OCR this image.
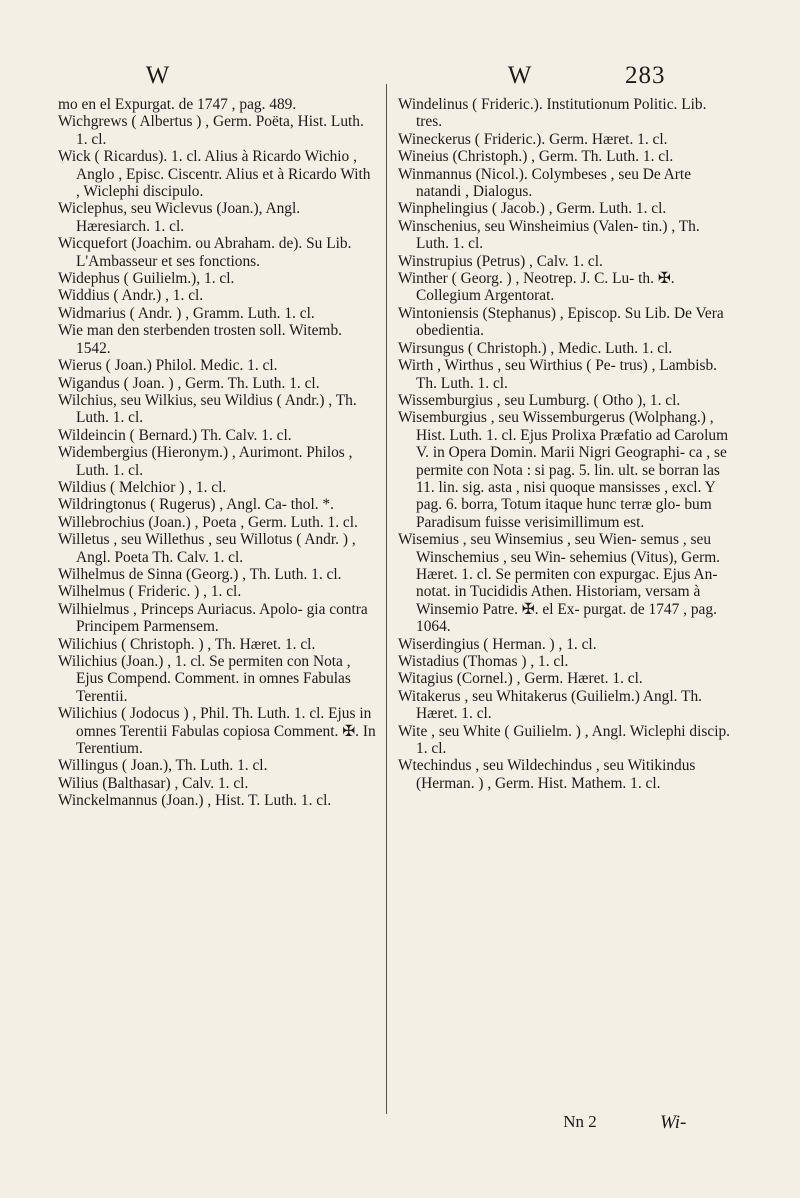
W	W	283
mo en el Expurgat. de 1747 , pag. 489.
Wichgrews ( Albertus ) , Germ. Poëta, Hist. Luth. 1. cl.
Wick ( Ricardus). 1. cl. Alius à Ricardo Wichio , Anglo , Episc. Ciscentr. Alius et à Ricardo With , Wiclephi discipulo.
Wiclephus, seu Wiclevus (Joan.), Angl. Hæresiarch. 1. cl.
Wicquefort (Joachim. ou Abraham. de). Su Lib. L'Ambasseur et ses fonctions.
Widephus ( Guilielm.), 1. cl.
Widdius ( Andr.) , 1. cl.
Widmarius ( Andr. ) , Gramm. Luth. 1. cl.
Wie man den sterbenden trosten soll. Witemb. 1542.
Wierus ( Joan.) Philol. Medic. 1. cl.
Wigandus ( Joan. ) , Germ. Th. Luth. 1. cl.
Wilchius, seu Wilkius, seu Wildius ( Andr.) , Th. Luth. 1. cl.
Wildeincin ( Bernard.) Th. Calv. 1. cl.
Widembergius (Hieronym.) , Aurimont. Philos , Luth. 1. cl.
Wildius ( Melchior ) , 1. cl.
Wildringtonus ( Rugerus) , Angl. Ca- thol. *.
Willebrochius (Joan.) , Poeta , Germ. Luth. 1. cl.
Willetus , seu Willethus , seu Willotus ( Andr. ) , Angl. Poeta Th. Calv. 1. cl.
Wilhelmus de Sinna (Georg.) , Th. Luth. 1. cl.
Wilhelmus ( Frideric. ) , 1. cl.
Wilhielmus , Princeps Auriacus. Apolo- gia contra Principem Parmensem.
Wilichius ( Christoph. ) , Th. Hæret. 1. cl.
Wilichius (Joan.) , 1. cl. Se permiten con Nota , Ejus Compend. Comment. in omnes Fabulas Terentii.
Wilichius ( Jodocus ) , Phil. Th. Luth. 1. cl. Ejus in omnes Terentii Fabulas copiosa Comment. ✠. In Terentium.
Willingus ( Joan.), Th. Luth. 1. cl.
Wilius (Balthasar) , Calv. 1. cl.
Winckelmannus (Joan.) , Hist. T. Luth. 1. cl.
Windelinus ( Frideric.). Institutionum Politic. Lib. tres.
Wineckerus ( Frideric.). Germ. Hæret. 1. cl.
Wineius (Christoph.) , Germ. Th. Luth. 1. cl.
Winmannus (Nicol.). Colymbeses , seu De Arte natandi , Dialogus.
Winphelingius ( Jacob.) , Germ. Luth. 1. cl.
Winschenius, seu Winsheimius (Valen- tin.) , Th. Luth. 1. cl.
Winstrupius (Petrus) , Calv. 1. cl.
Winther ( Georg. ) , Neotrep. J. C. Lu- th. ✠. Collegium Argentorat.
Wintoniensis (Stephanus) , Episcop. Su Lib. De Vera obedientia.
Wirsungus ( Christoph.) , Medic. Luth. 1. cl.
Wirth , Wirthus , seu Wirthius ( Pe- trus) , Lambisb. Th. Luth. 1. cl.
Wissemburgius , seu Lumburg. ( Otho ), 1. cl.
Wisemburgius , seu Wissemburgerus (Wolphang.) , Hist. Luth. 1. cl. Ejus Prolixa Præfatio ad Carolum V. in Opera Domin. Marii Nigri Geographi- ca , se permite con Nota : si pag. 5. lin. ult. se borran las 11. lin. sig. asta , nisi quoque mansisses , excl. Y pag. 6. borra, Totum itaque hunc terræ glo- bum Paradisum fuisse verisimillimum est.
Wisemius , seu Winsemius , seu Wien- semus , seu Winschemius , seu Win- sehemius (Vitus), Germ. Hæret. 1. cl. Se permiten con expurgac. Ejus An- notat. in Tucididis Athen. Historiam, versam à Winsemio Patre. ✠. el Ex- purgat. de 1747 , pag. 1064.
Wiserdingius ( Herman. ) , 1. cl.
Wistadius (Thomas ) , 1. cl.
Witagius (Cornel.) , Germ. Hæret. 1. cl.
Witakerus , seu Whitakerus (Guilielm.) Angl. Th. Hæret. 1. cl.
Wite , seu White ( Guilielm. ) , Angl. Wiclephi discip. 1. cl.
Wtechindus , seu Wildechindus , seu Witikindus (Herman. ) , Germ. Hist. Mathem. 1. cl.
Nn 2	Wi-
